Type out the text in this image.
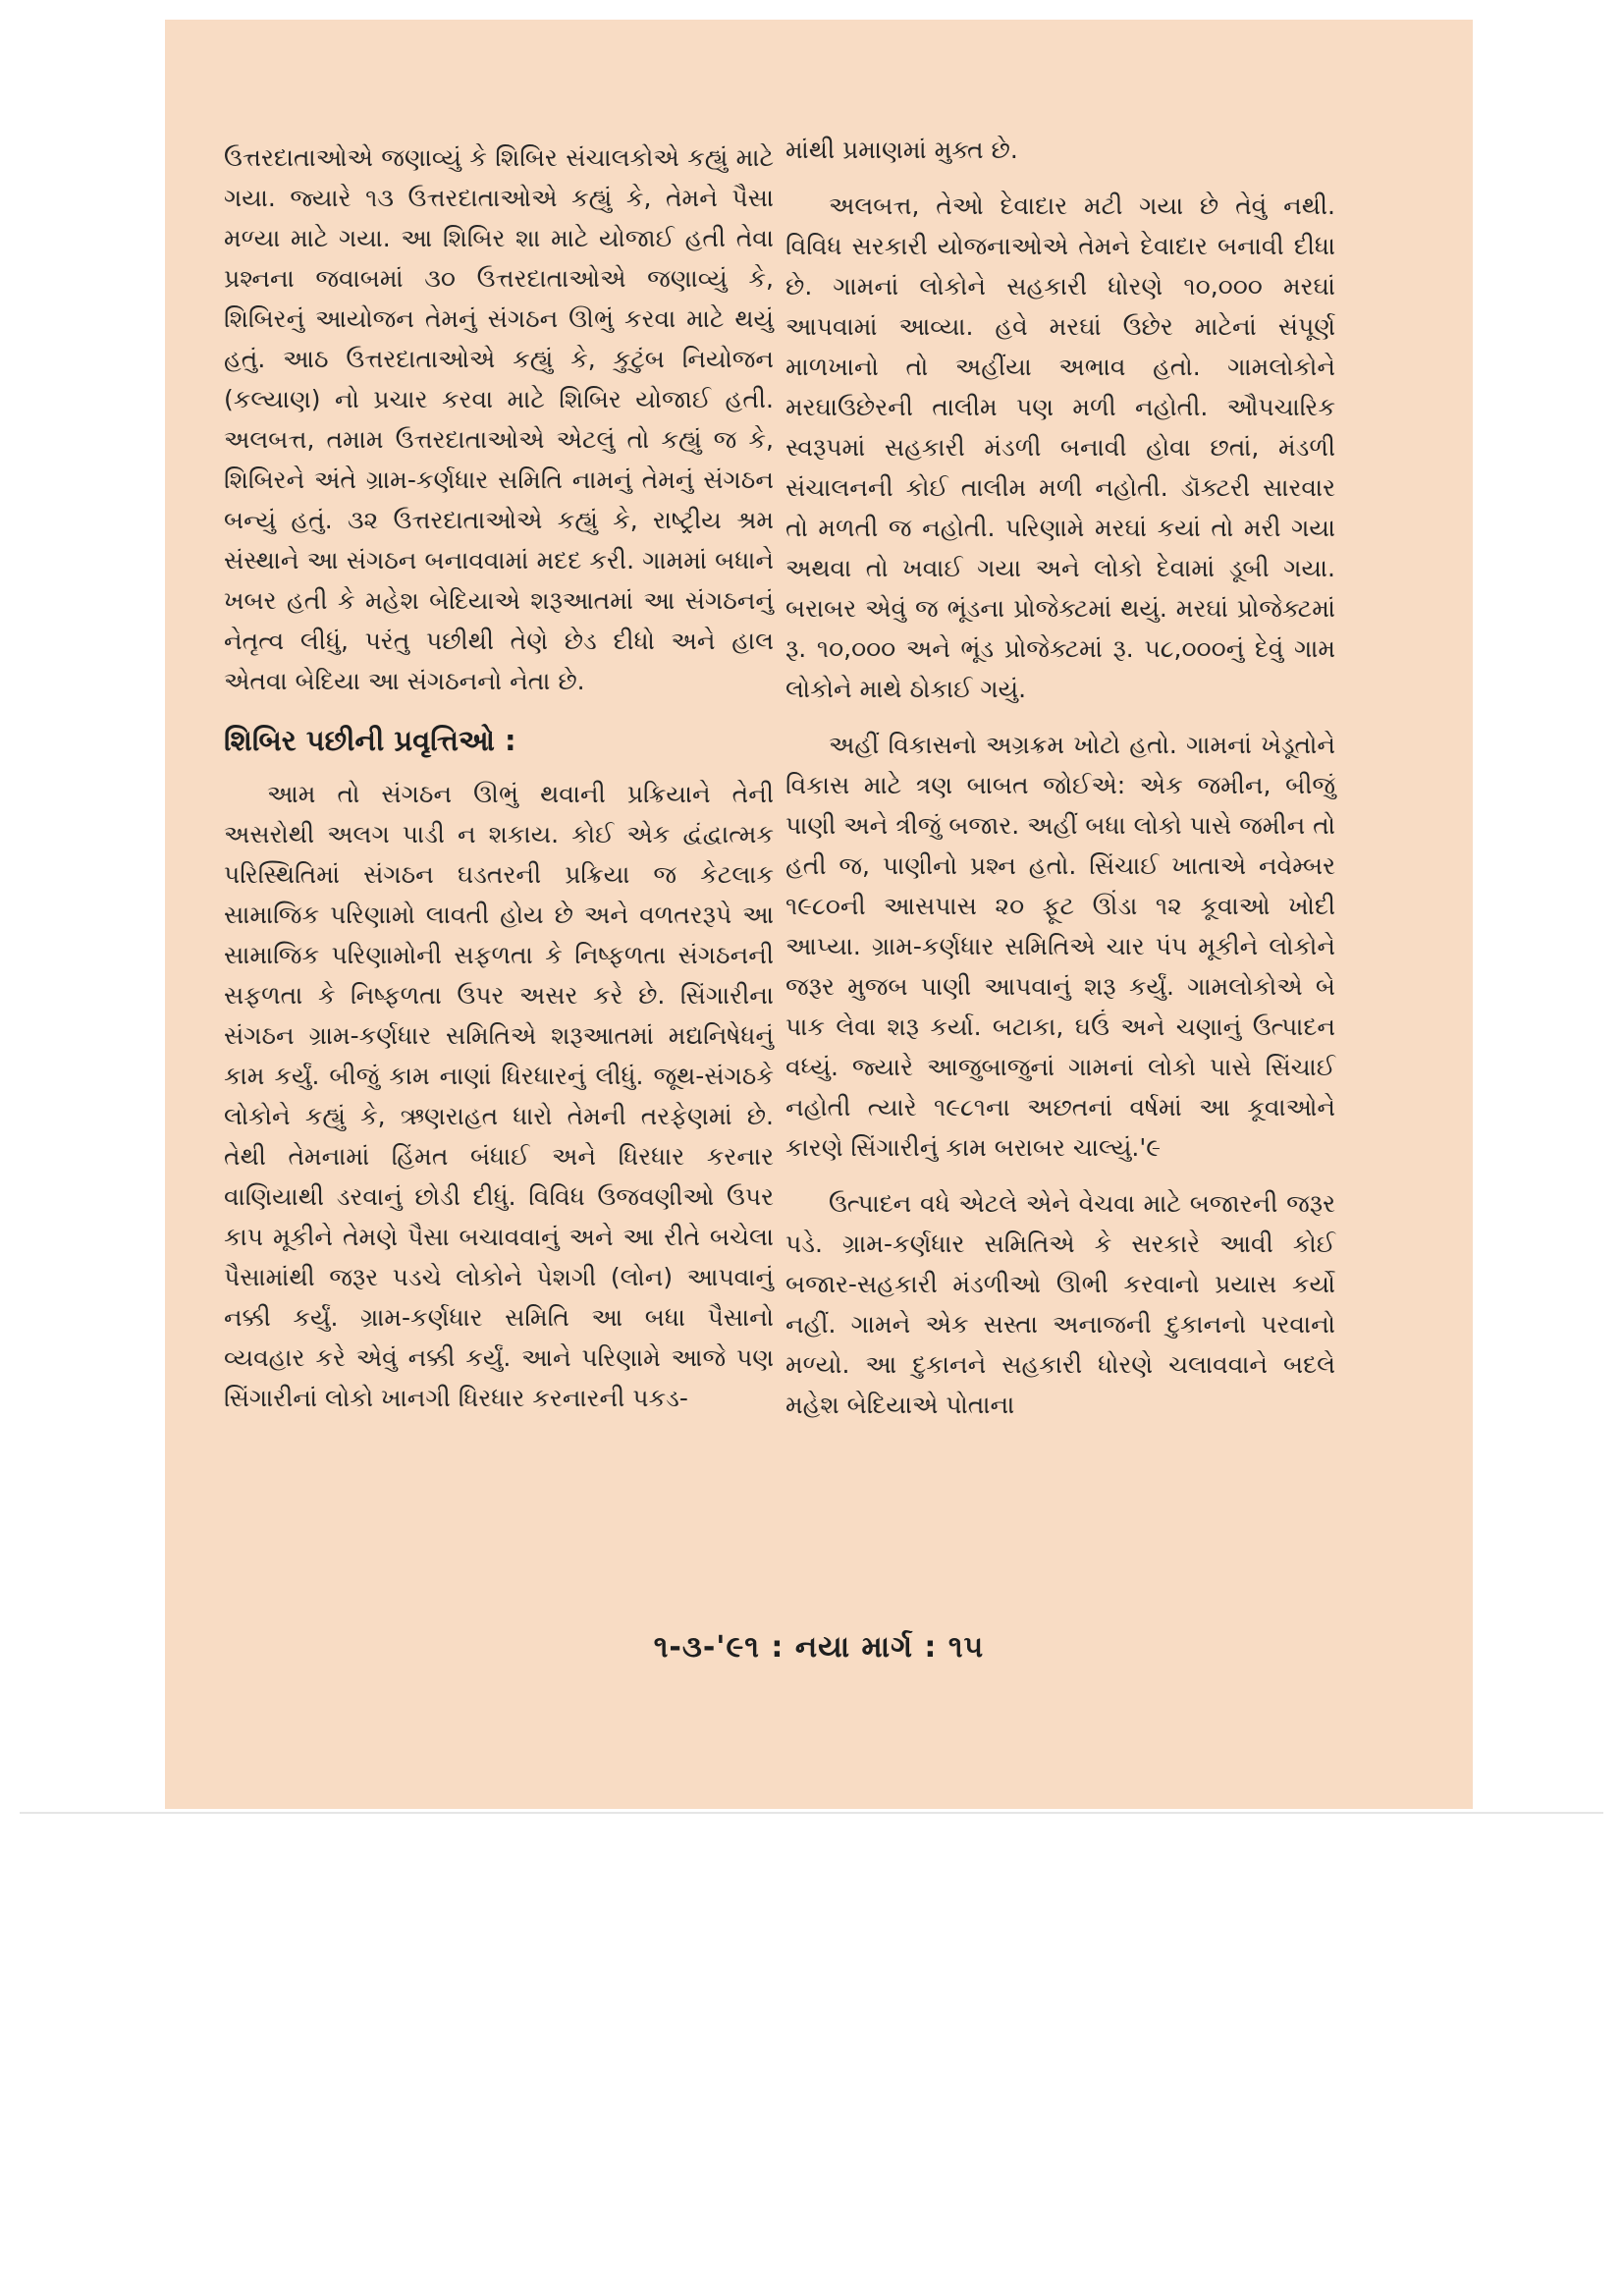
ઉત્તરદાતાઓએ જણાવ્યું કે શિબિર સંચાલકોએ કહ્યું માટે ગયા. જ્યારે ૧૩ ઉત્તરદાતાઓએ કહ્યું કે, તેમને પૈસા મળ્યા માટે ગયા. આ શિબિર શા માટે યોજાઈ હતી તેવા પ્રશ્નના જવાબમાં ૩૦ ઉત્તરદાતાઓએ જણાવ્યું કે, શિબિરનું આયોજન તેમનું સંગઠન ઊભું કરવા માટે થયું હતું. આઠ ઉત્તરદાતાઓએ કહ્યું કે, કુટુંબ નિયોજન (કલ્યાણ) નો પ્રચાર કરવા માટે શિબિર યોજાઈ હતી. અલબત્ત, તમામ ઉત્તરદાતાઓએ એટલું તો કહ્યું જ કે, શિબિરને અંતે ગ્રામ-કર્ણધાર સમિતિ નામનું તેમનું સંગઠન બન્યું હતું. ૩૨ ઉત્તરદાતાઓએ કહ્યું કે, રાષ્ટ્રીય શ્રમ સંસ્થાને આ સંગઠન બનાવવામાં મદદ કરી. ગામમાં બધાને ખબર હતી કે મહેશ બેદિયાએ શરૂઆતમાં આ સંગઠનનું નેતૃત્વ લીધું, પરંતુ પછીથી તેણે છેડ દીધો અને હાલ એતવા બેદિયા આ સંગઠનનો નેતા છે.

શિબિર પછીની પ્રવૃત્તિઓ :

આમ તો સંગઠન ઊભું થવાની પ્રક્રિયાને તેની અસરોથી અલગ પાડી ન શકાય. કોઈ એક દ્વંદ્વાત્મક પરિસ્થિતિમાં સંગઠન ઘડતરની પ્રક્રિયા જ કેટલાક સામાજિક પરિણામો લાવતી હોય છે અને વળતરરૂપે આ સામાજિક પરિણામોની સફળતા કે નિષ્ફળતા સંગઠનની સફળતા કે નિષ્ફળતા ઉપર અસર કરે છે. સિંગારીના સંગઠન ગ્રામ-કર્ણધાર સમિતિએ શરૂઆતમાં મદ્યનિષેધનું કામ કર્યું. બીજું કામ નાણાં ધિરધારનું લીધું. જૂથ-સંગઠકે લોકોને કહ્યું કે, ઋણરાહત ધારો તેમની તરફેણમાં છે. તેથી તેમનામાં હિંમત બંધાઈ અને ધિરધાર કરનાર વાણિયાથી ડરવાનું છોડી દીધું. વિવિધ ઉજવણીઓ ઉપર કાપ મૂકીને તેમણે પૈસા બચાવવાનું અને આ રીતે બચેલા પૈસામાંથી જરૂર પડચે લોકોને પેશગી (લોન) આપવાનું નક્કી કર્યું. ગ્રામ-કર્ણધાર સમિતિ આ બધા પૈસાનો વ્યવહાર કરે એવું નક્કી કર્યું. આને પરિણામે આજે પણ સિંગારીનાં લોકો ખાનગી ધિરધાર કરનારની પકડ-

માંથી પ્રમાણમાં મુક્ત છે.

અલબત્ત, તેઓ દેવાદાર મટી ગયા છે તેવું નથી. વિવિધ સરકારી યોજનાઓએ તેમને દેવાદાર બનાવી દીધા છે. ગામનાં લોકોને સહકારી ધોરણે ૧૦,૦૦૦ મરઘાં આપવામાં આવ્યા. હવે મરઘાં ઉછેર માટેનાં સંપૂર્ણ માળખાનો તો અહીંયા અભાવ હતો. ગામલોકોને મરઘાઉછેરની તાલીમ પણ મળી નહોતી. ઔપચારિક સ્વરૂપમાં સહકારી મંડળી બનાવી હોવા છતાં, મંડળી સંચાલનની કોઈ તાલીમ મળી નહોતી. ડૉક્ટરી સારવાર તો મળતી જ નહોતી. પરિણામે મરઘાં કયાં તો મરી ગયા અથવા તો ખવાઈ ગયા અને લોકો દેવામાં ડૂબી ગયા. બરાબર એવું જ ભૂંડના પ્રોજેક્ટમાં થયું. મરઘાં પ્રોજેક્ટમાં રૂ. ૧૦,૦૦૦ અને ભૂંડ પ્રોજેક્ટમાં રૂ. ૫૮,૦૦૦નું દેવું ગામ લોકોને માથે ઠોકાઈ ગયું.

અહીં વિકાસનો અગ્રક્રમ ખોટો હતો. ગામનાં ખેડૂતોને વિકાસ માટે ત્રણ બાબત જોઈએ: એક જમીન, બીજું પાણી અને ત્રીજું બજાર. અહીં બધા લોકો પાસે જમીન તો હતી જ, પાણીનો પ્રશ્ન હતો. સિંચાઈ ખાતાએ નવેમ્બર ૧૯૮૦ની આસપાસ ૨૦ ફૂટ ઊંડા ૧૨ કૂવાઓ ખોદી આપ્યા. ગ્રામ-કર્ણધાર સમિતિએ ચાર પંપ મૂકીને લોકોને જરૂર મુજબ પાણી આપવાનું શરૂ કર્યું. ગામલોકોએ બે પાક લેવા શરૂ કર્યા. બટાકા, ઘઉં અને ચણાનું ઉત્પાદન વધ્યું. જ્યારે આજુબાજુનાં ગામનાં લોકો પાસે સિંચાઈ નહોતી ત્યારે ૧૯૮૧ના અછતનાં વર્ષમાં આ કૂવાઓને કારણે સિંગારીનું કામ બરાબર ચાલ્યું.'૯

ઉત્પાદન વધે એટલે એને વેચવા માટે બજારની જરૂર પડે. ગ્રામ-કર્ણધાર સમિતિએ કે સરકારે આવી કોઈ બજાર-સહકારી મંડળીઓ ઊભી કરવાનો પ્રયાસ કર્યો નહીં. ગામને એક સસ્તા અનાજની દુકાનનો પરવાનો મળ્યો. આ દુકાનને સહકારી ધોરણે ચલાવવાને બદલે મહેશ બેદિયાએ પોતાના

૧-૩-'૯૧ : નયા માર્ગ : ૧૫
